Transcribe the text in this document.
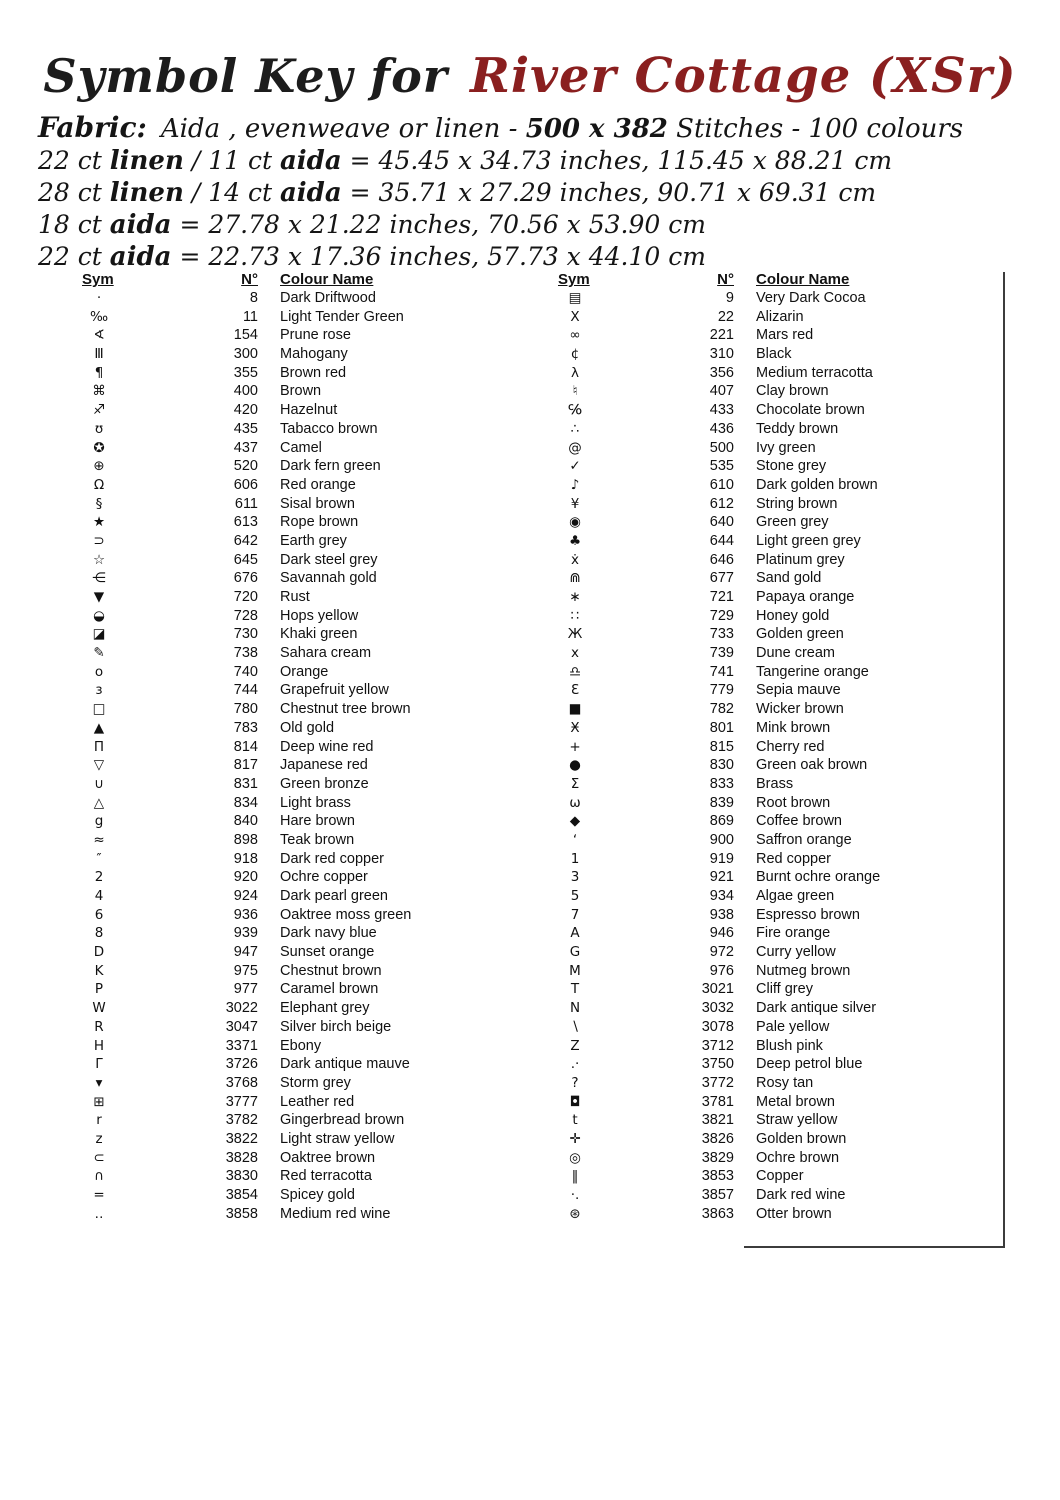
Symbol Key for River Cottage (XSr)
Fabric: Aida , evenweave or linen - 500 x 382 Stitches - 100 colours
22 ct linen / 11 ct aida = 45.45 x 34.73 inches, 115.45 x 88.21 cm
28 ct linen / 14 ct aida = 35.71 x 27.29 inches, 90.71 x 69.31 cm
18 ct aida = 27.78 x 21.22 inches, 70.56 x 53.90 cm
22 ct aida = 22.73 x 17.36 inches, 57.73 x 44.10 cm
Sym	N°	Colour Name
·	8	Dark Driftwood
‰	11	Light Tender Green
∢	154	Prune rose
Ⅲ	300	Mahogany
¶	355	Brown red
⌘	400	Brown
♐	420	Hazelnut
ʊ	435	Tabacco brown
✪	437	Camel
⊕	520	Dark fern green
Ω	606	Red orange
§	611	Sisal brown
★	613	Rope brown
⊃	642	Earth grey
☆	645	Dark steel grey
⋲	676	Savannah gold
▼	720	Rust
◒	728	Hops yellow
◪	730	Khaki green
✎	738	Sahara cream
o	740	Orange
ɜ	744	Grapefruit yellow
□	780	Chestnut tree brown
▲	783	Old gold
Π	814	Deep wine red
▽	817	Japanese red
∪	831	Green bronze
△	834	Light brass
g	840	Hare brown
≈	898	Teak brown
″	918	Dark red copper
2	920	Ochre copper
4	924	Dark pearl green
6	936	Oaktree moss green
8	939	Dark navy blue
D	947	Sunset orange
K	975	Chestnut brown
P	977	Caramel brown
W	3022	Elephant grey
R	3047	Silver birch beige
H	3371	Ebony
Γ	3726	Dark antique mauve
▾	3768	Storm grey
⊞	3777	Leather red
r	3782	Gingerbread brown
z	3822	Light straw yellow
⊂	3828	Oaktree brown
∩	3830	Red terracotta
=	3854	Spicey gold
‥	3858	Medium red wine
Sym	N°	Colour Name
▤	9	Very Dark Cocoa
X	22	Alizarin
∞	221	Mars red
¢	310	Black
λ	356	Medium terracotta
♮	407	Clay brown
℅	433	Chocolate brown
∴	436	Teddy brown
@	500	Ivy green
✓	535	Stone grey
♪	610	Dark golden brown
¥	612	String brown
◉	640	Green grey
♣	644	Light green grey
ẋ	646	Platinum grey
⋒	677	Sand gold
∗	721	Papaya orange
∷	729	Honey gold
Ж	733	Golden green
x	739	Dune cream
♎	741	Tangerine orange
Ɛ	779	Sepia mauve
■	782	Wicker brown
Ӿ	801	Mink brown
+	815	Cherry red
●	830	Green oak brown
Σ	833	Brass
ω	839	Root brown
◆	869	Coffee brown
ʻ	900	Saffron orange
1	919	Red copper
3	921	Burnt ochre orange
5	934	Algae green
7	938	Espresso brown
A	946	Fire orange
G	972	Curry yellow
M	976	Nutmeg brown
T	3021	Cliff grey
N	3032	Dark antique silver
∖	3078	Pale yellow
Z	3712	Blush pink
.·	3750	Deep petrol blue
?	3772	Rosy tan
◘	3781	Metal brown
t	3821	Straw yellow
✛	3826	Golden brown
◎	3829	Ochre brown
‖	3853	Copper
·.	3857	Dark red wine
⊛	3863	Otter brown
